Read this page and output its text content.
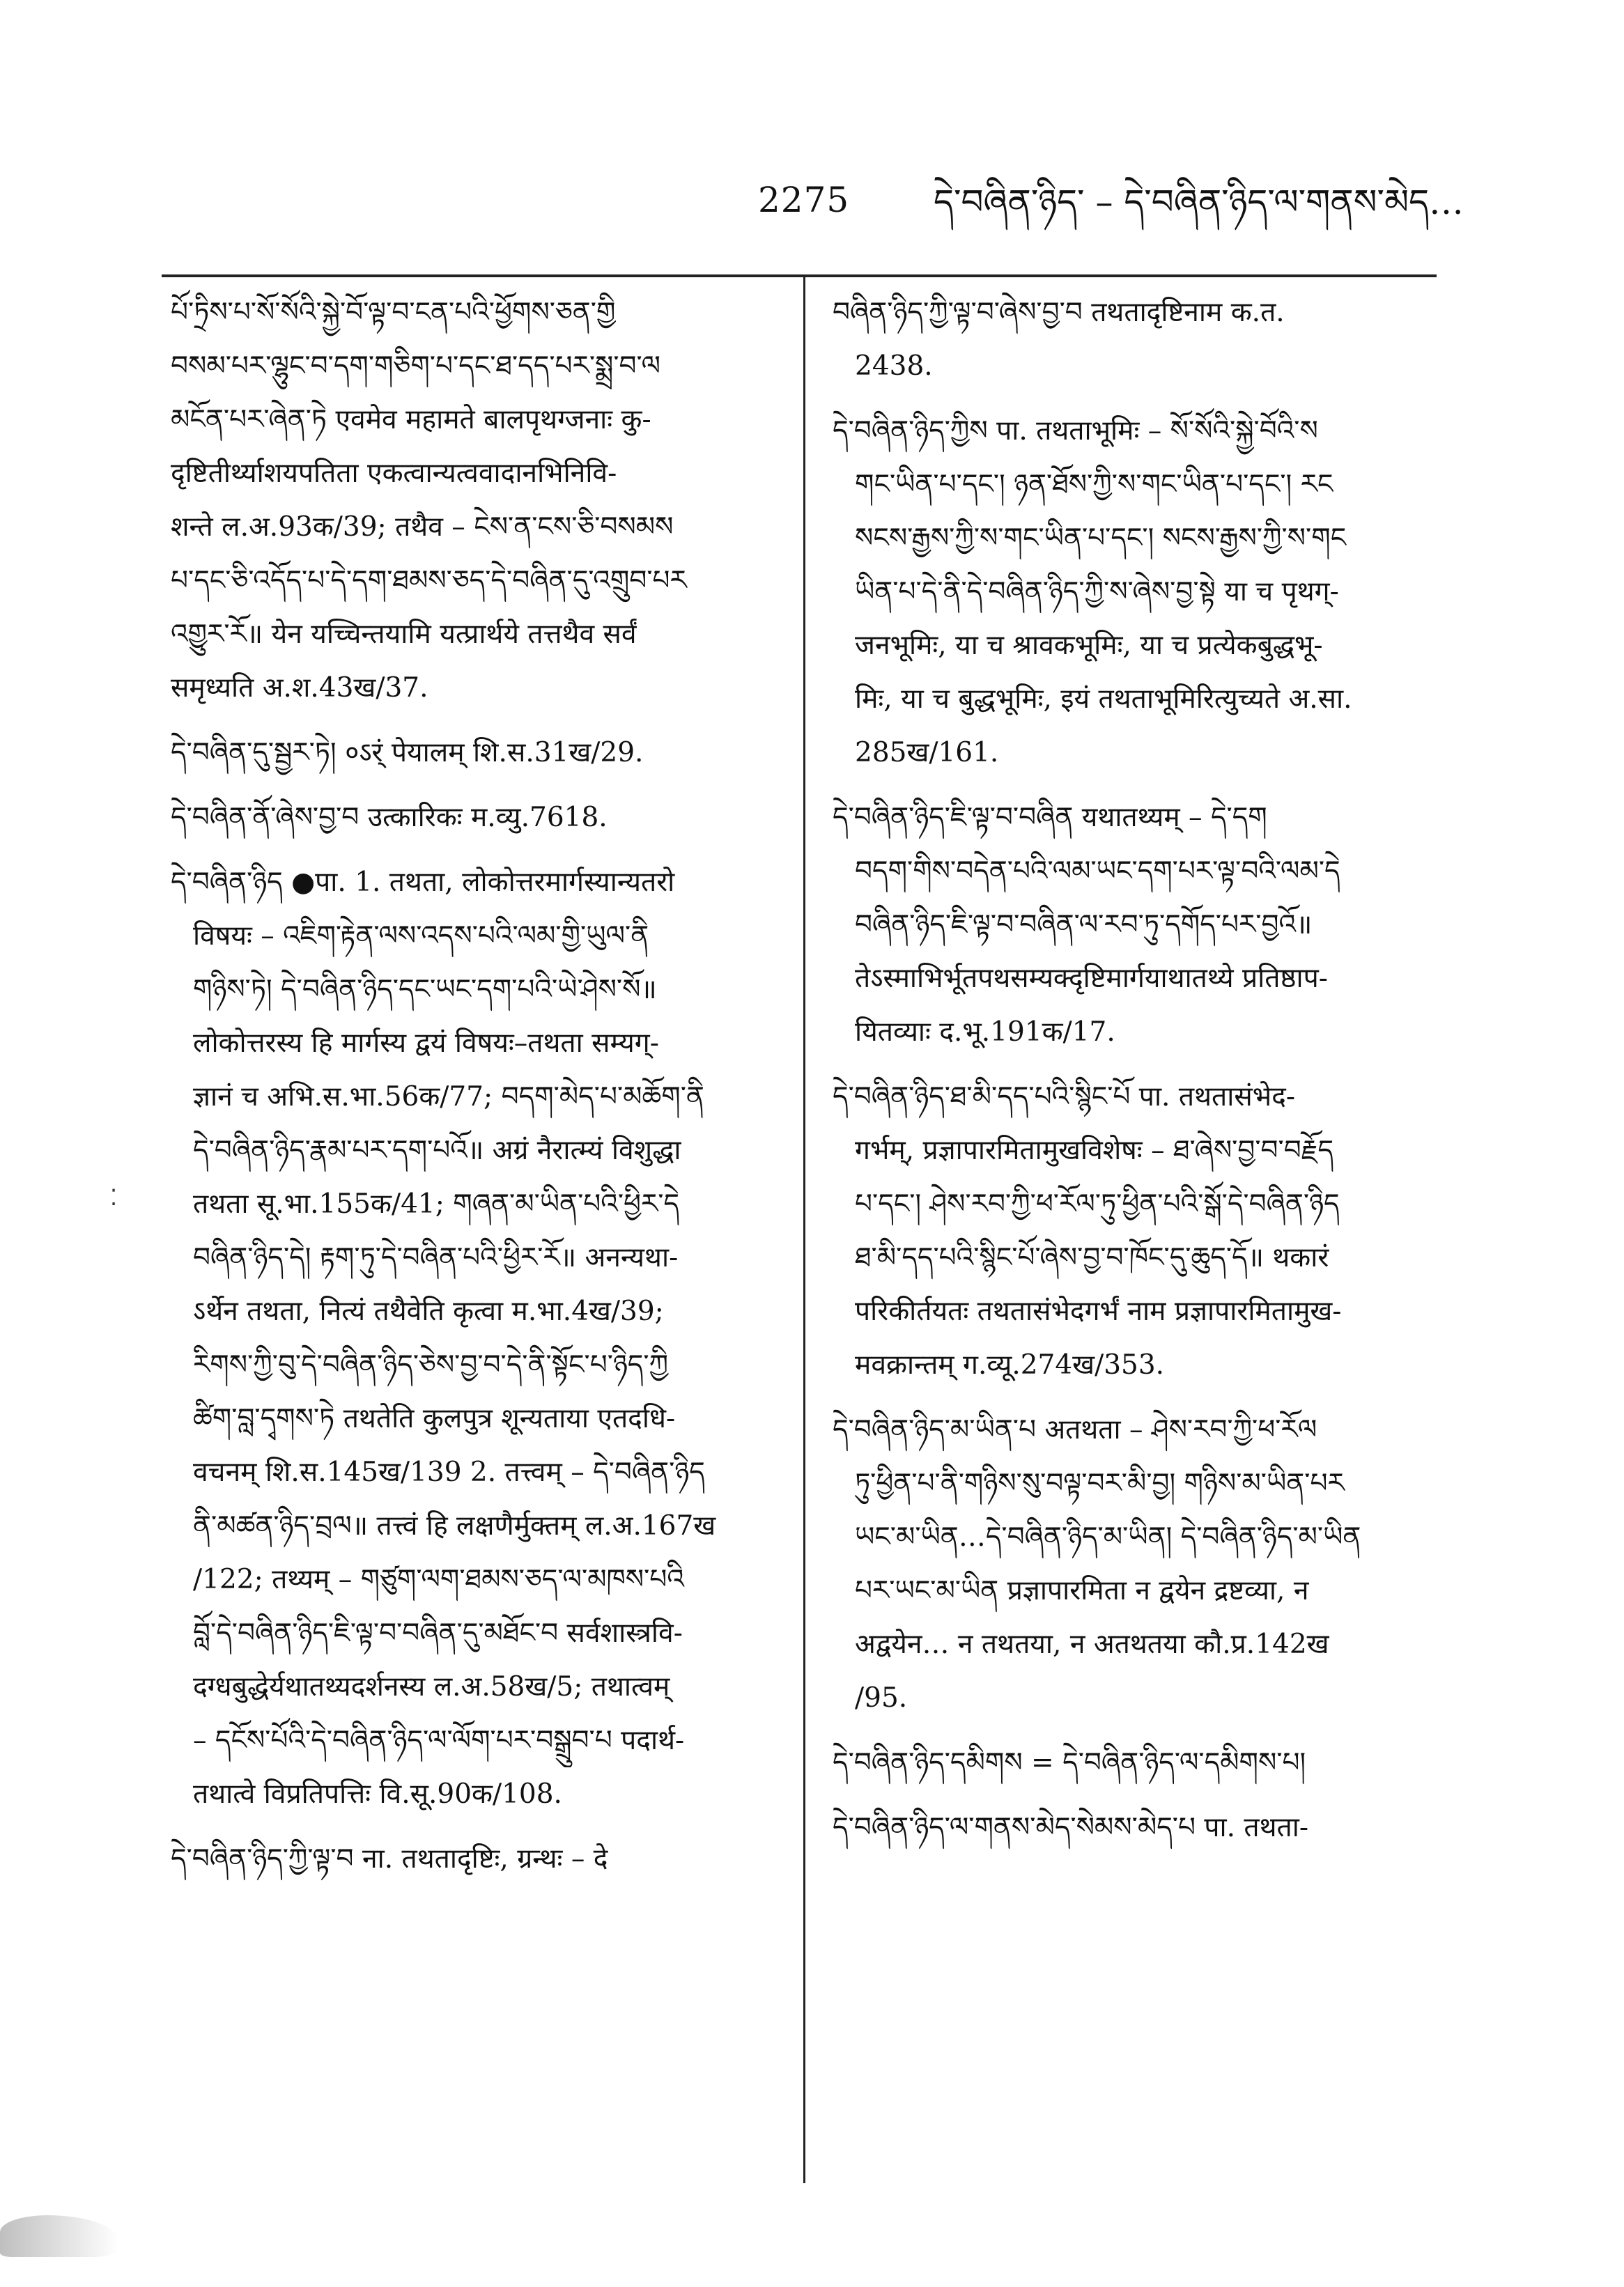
2275 དེ་བཞིན་ཉིད་ – དེ་བཞིན་ཉིད་ལ་གནས་མེད…
⁚
པོ་ཏྲིས་པ་སོ་སོའི་སྐྱེ་བོ་ལྟ་བ་ངན་པའི་ཕྱོགས་ཅན་གྱི
བསམ་པར་ལྷུང་བ་དག་གཅིག་པ་དང་ཐ་དད་པར་སྨྲ་བ་ལ
མངོན་པར་ཞེན་ཏེ एवमेव महामते बालपृथग्जनाः कु-
दृष्टितीर्थ्याशयपतिता एकत्वान्यत्ववादानभिनिवि-
शन्ते ल.अ.93क/39; तथैव – ངེས་ན་ངས་ཅི་བསམས
པ་དང་ཅི་འདོད་པ་དེ་དག་ཐམས་ཅད་དེ་བཞིན་དུ་འགྲུབ་པར
འགྱུར་རོ॥ येन यच्चिन्तयामि यत्प्रार्थये तत्तथैव सर्वं
समृध्यति अ.श.43ख/37.
དེ་བཞིན་དུ་སྦྱར་ཏེ། ०ऽर्ं पेयालम् शि.स.31ख/29.
དེ་བཞིན་ནོ་ཞེས་བྱ་བ उत्कारिकः म.व्यु.7618.
དེ་བཞིན་ཉིད ●पा. 1. तथता, लोकोत्तरमार्गस्यान्यतरो
विषयः – འཇིག་རྟེན་ལས་འདས་པའི་ལམ་གྱི་ཡུལ་ནི
གཉིས་ཏེ། དེ་བཞིན་ཉིད་དང་ཡང་དག་པའི་ཡེ་ཤེས་སོ॥
लोकोत्तरस्य हि मार्गस्य द्वयं विषयः–तथता सम्यग्-
ज्ञानं च अभि.स.भा.56क/77; བདག་མེད་པ་མཆོག་ནི
དེ་བཞིན་ཉིད་རྣམ་པར་དག་པའོ॥ अग्रं नैरात्म्यं विशुद्धा
तथता सू.भा.155क/41; གཞན་མ་ཡིན་པའི་ཕྱིར་དེ
བཞིན་ཉིད་དེ། རྟག་ཏུ་དེ་བཞིན་པའི་ཕྱིར་རོ॥ अनन्यथा-
ऽर्थेन तथता, नित्यं तथैवेति कृत्वा म.भा.4ख/39;
རིགས་ཀྱི་བུ་དེ་བཞིན་ཉིད་ཅེས་བྱ་བ་དེ་ནི་སྟོང་པ་ཉིད་ཀྱི
ཚིག་བླ་དྭགས་ཏེ तथतेति कुलपुत्र शून्यताया एतदधि-
वचनम् शि.स.145ख/139 2. तत्त्वम् – དེ་བཞིན་ཉིད
ནི་མཚན་ཉིད་བྲལ॥ तत्त्वं हि लक्षणैर्मुक्तम् ल.अ.167ख
/122; तथ्यम् – གཙུག་ལག་ཐམས་ཅད་ལ་མཁས་པའི
བློ་དེ་བཞིན་ཉིད་ཇི་ལྟ་བ་བཞིན་དུ་མཐོང་བ सर्वशास्त्रवि-
दग्धबुद्धेर्यथातथ्यदर्शनस्य ल.अ.58ख/5; तथात्वम्
– དངོས་པོའི་དེ་བཞིན་ཉིད་ལ་ལོག་པར་བསྒྲུབ་པ पदार्थ-
तथात्वे विप्रतिपत्तिः वि.सू.90क/108.
དེ་བཞིན་ཉིད་ཀྱི་ལྟ་བ ना. तथतादृष्टिः, ग्रन्थः – दे
བཞིན་ཉིད་ཀྱི་ལྟ་བ་ཞེས་བྱ་བ तथतादृष्टिनाम क.त.
2438.
དེ་བཞིན་ཉིད་ཀྱིས पा. तथताभूमिः – སོ་སོའི་སྐྱེ་བོའི་ས
གང་ཡིན་པ་དང་། ཉན་ཐོས་ཀྱི་ས་གང་ཡིན་པ་དང་། རང
སངས་རྒྱས་ཀྱི་ས་གང་ཡིན་པ་དང་། སངས་རྒྱས་ཀྱི་ས་གང
ཡིན་པ་དེ་ནི་དེ་བཞིན་ཉིད་ཀྱི་ས་ཞེས་བྱ་སྟེ या च पृथग्-
जनभूमिः, या च श्रावकभूमिः, या च प्रत्येकबुद्धभू-
मिः, या च बुद्धभूमिः, इयं तथताभूमिरित्युच्यते अ.सा.
285ख/161.
དེ་བཞིན་ཉིད་ཇི་ལྟ་བ་བཞིན यथातथ्यम् – དེ་དག
བདག་གིས་བདེན་པའི་ལམ་ཡང་དག་པར་ལྟ་བའི་ལམ་དེ
བཞིན་ཉིད་ཇི་ལྟ་བ་བཞིན་ལ་རབ་ཏུ་དགོད་པར་བྱའོ॥
तेऽस्माभिर्भूतपथसम्यक्दृष्टिमार्गयाथातथ्ये प्रतिष्ठाप-
यितव्याः द.भू.191क/17.
དེ་བཞིན་ཉིད་ཐ་མི་དད་པའི་སྙིང་པོ पा. तथतासंभेद-
गर्भम्, प्रज्ञापारमितामुखविशेषः – ཐ་ཞེས་བྱ་བ་བརྗོད
པ་དང་། ཤེས་རབ་ཀྱི་ཕ་རོལ་ཏུ་ཕྱིན་པའི་སྒོ་དེ་བཞིན་ཉིད
ཐ་མི་དད་པའི་སྙིང་པོ་ཞེས་བྱ་བ་ཁོང་དུ་ཆུད་དོ॥ थकारं
परिकीर्तयतः तथतासंभेदगर्भं नाम प्रज्ञापारमितामुख-
मवक्रान्तम् ग.व्यू.274ख/353.
དེ་བཞིན་ཉིད་མ་ཡིན་པ अतथता – ཤེས་རབ་ཀྱི་ཕ་རོལ
ཏུ་ཕྱིན་པ་ནི་གཉིས་སུ་བལྟ་བར་མི་བྱ། གཉིས་མ་ཡིན་པར
ཡང་མ་ཡིན…དེ་བཞིན་ཉིད་མ་ཡིན། དེ་བཞིན་ཉིད་མ་ཡིན
པར་ཡང་མ་ཡིན प्रज्ञापारमिता न द्वयेन द्रष्टव्या, न
अद्वयेन… न तथतया, न अतथतया कौ.प्र.142ख
/95.
དེ་བཞིན་ཉིད་དམིགས = དེ་བཞིན་ཉིད་ལ་དམིགས་པ།
དེ་བཞིན་ཉིད་ལ་གནས་མེད་སེམས་མེད་པ पा. तथता-
